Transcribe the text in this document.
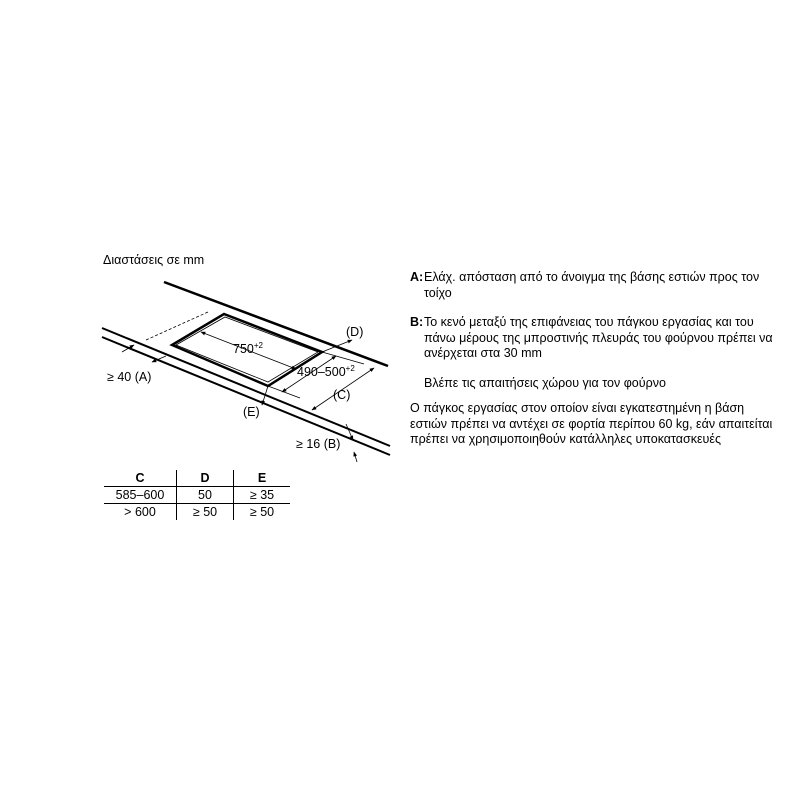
Διαστάσεις σε mm
$750^{+2}$
$490-500^{+2}$
(D)
(C)
(E)
≥ 40 (A)
≥ 16 (B)
C	D	E
585–600	50	≥ 35
> 600	≥ 50	≥ 50
A: Ελάχ. απόσταση από το άνοιγμα της βάσης εστιών προς τον τοίχο
B: Το κενό μεταξύ της επιφάνειας του πάγκου εργασίας και του πάνω μέρους της μπροστινής πλευράς του φούρνου πρέπει να ανέρχεται στα 30 mm
Βλέπε τις απαιτήσεις χώρου για τον φούρνο
Ο πάγκος εργασίας στον οποίον είναι εγκατεστημένη η βάση εστιών πρέπει να αντέχει σε φορτία περίπου 60 kg, εάν απαιτείται πρέπει να χρησιμοποιηθούν κατάλληλες υποκατασκευές
